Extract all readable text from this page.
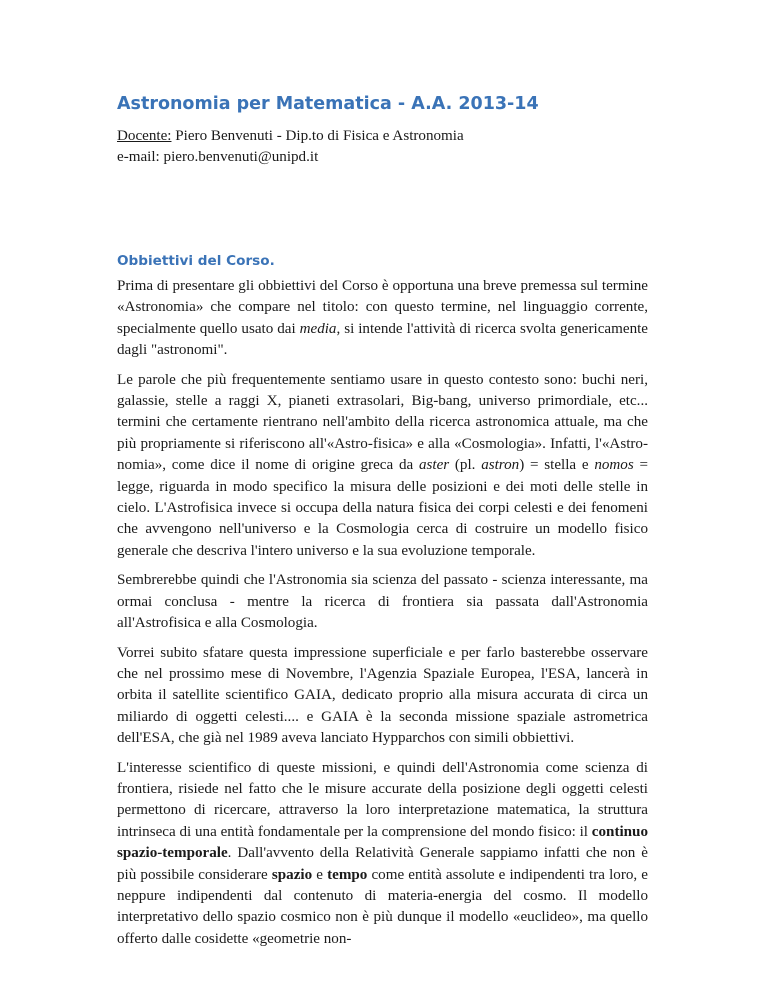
Astronomia per Matematica - A.A. 2013-14
Docente: Piero Benvenuti - Dip.to di Fisica e Astronomia
e-mail: piero.benvenuti@unipd.it
Obbiettivi del Corso.

Prima di presentare gli obbiettivi del Corso è opportuna una breve premessa sul termine «Astronomia» che compare nel titolo: con questo termine, nel linguaggio corrente, specialmente quello usato dai media, si intende l'attività di ricerca svolta genericamente dagli "astronomi".

Le parole che più frequentemente sentiamo usare in questo contesto sono: buchi neri, galassie, stelle a raggi X, pianeti extrasolari, Big-bang, universo primordiale, etc... termini che certamente rientrano nell'ambito della ricerca astronomica attuale, ma che più propriamente si riferiscono all'«Astro-fisica» e alla «Cosmologia». Infatti, l'«Astro-nomia», come dice il nome di origine greca da aster (pl. astron) = stella e nomos = legge, riguarda in modo specifico la misura delle posizioni e dei moti delle stelle in cielo. L'Astrofisica invece si occupa della natura fisica dei corpi celesti e dei fenomeni che avvengono nell'universo e la Cosmologia cerca di costruire un modello fisico generale che descriva l'intero universo e la sua evoluzione temporale.

Sembrerebbe quindi che l'Astronomia sia scienza del passato - scienza interessante, ma ormai conclusa - mentre la ricerca di frontiera sia passata dall'Astronomia all'Astrofisica e alla Cosmologia.

Vorrei subito sfatare questa impressione superficiale e per farlo basterebbe osservare che nel prossimo mese di Novembre, l'Agenzia Spaziale Europea, l'ESA, lancerà in orbita il satellite scientifico GAIA, dedicato proprio alla misura accurata di circa un miliardo di oggetti celesti.... e GAIA è la seconda missione spaziale astrometrica dell'ESA, che già nel 1989 aveva lanciato Hypparchos con simili obbiettivi.

L'interesse scientifico di queste missioni, e quindi dell'Astronomia come scienza di frontiera, risiede nel fatto che le misure accurate della posizione degli oggetti celesti permettono di ricercare, attraverso la loro interpretazione matematica, la struttura intrinseca di una entità fondamentale per la comprensione del mondo fisico: il continuo spazio-temporale. Dall'avvento della Relatività Generale sappiamo infatti che non è più possibile considerare spazio e tempo come entità assolute e indipendenti tra loro, e neppure indipendenti dal contenuto di materia-energia del cosmo. Il modello interpretativo dello spazio cosmico non è più dunque il modello «euclideo», ma quello offerto dalle cosidette «geometrie non-
